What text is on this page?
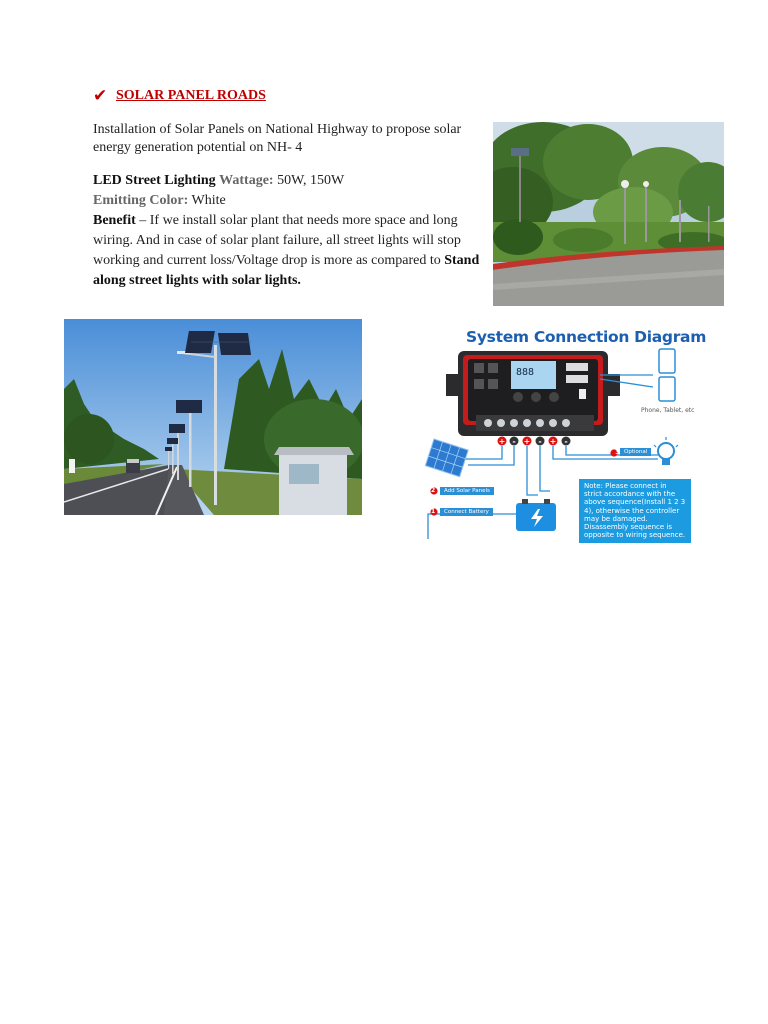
✔ SOLAR PANEL ROADS

Installation of Solar Panels on National Highway to propose solar energy generation potential on NH- 4

LED Street Lighting Wattage: 50W, 150W
Emitting Color: White
Benefit – If we install solar plant that needs more space and long wiring. And in case of solar plant failure, all street lights will stop working and current loss/Voltage drop is more as compared to Stand along street lights with solar lights.
System Connection Diagram
888
+ - + - + -
3
2
1
Phone, Tablet, etc
Optional
Add Solar Panels
Connect Battery
Note: Please connect in strict accordance with the above sequence(Install 1 2 3 4), otherwise the controller may be damaged. Disassembly sequence is opposite to wiring sequence.
